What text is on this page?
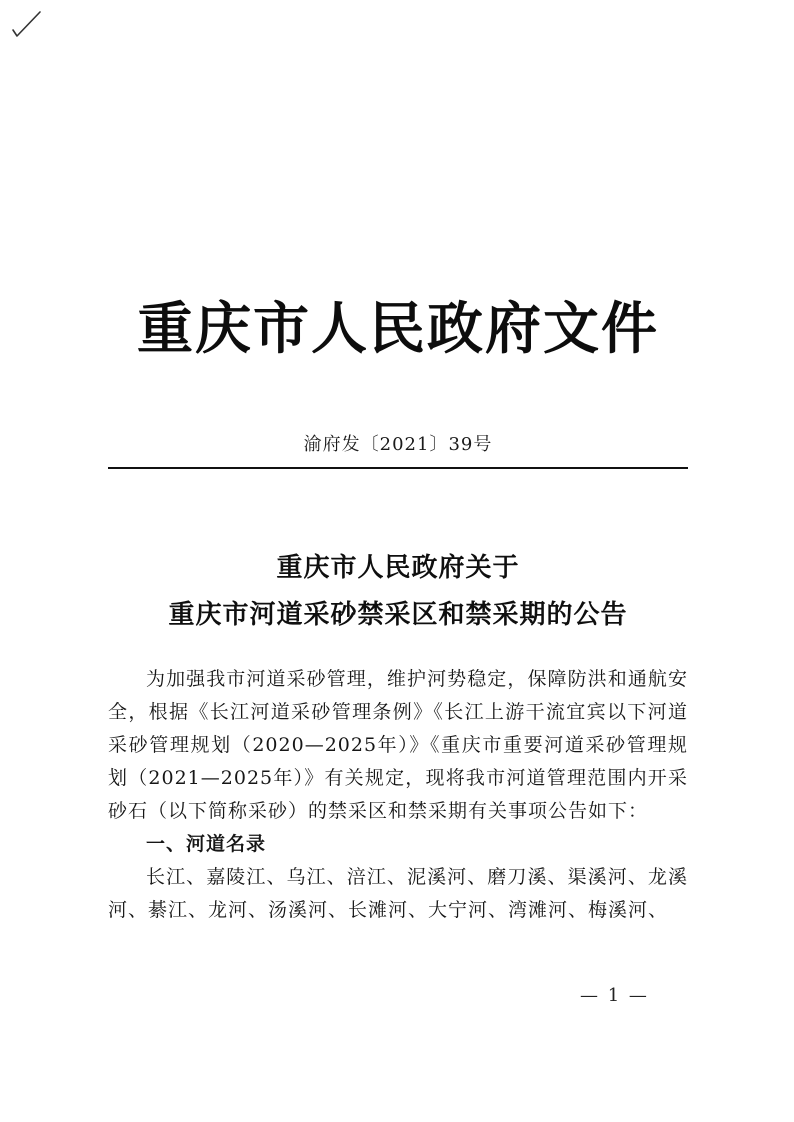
重庆市人民政府文件
渝府发〔2021〕39号
重庆市人民政府关于
重庆市河道采砂禁采区和禁采期的公告

为加强我市河道采砂管理，维护河势稳定，保障防洪和通航安全，根据《长江河道采砂管理条例》《长江上游干流宜宾以下河道采砂管理规划（2020—2025年）》《重庆市重要河道采砂管理规划（2021—2025年）》有关规定，现将我市河道管理范围内开采砂石（以下简称采砂）的禁采区和禁采期有关事项公告如下：

一、河道名录

长江、嘉陵江、乌江、涪江、泥溪河、磨刀溪、渠溪河、龙溪河、綦江、龙河、汤溪河、长滩河、大宁河、湾滩河、梅溪河、

— 1 —
